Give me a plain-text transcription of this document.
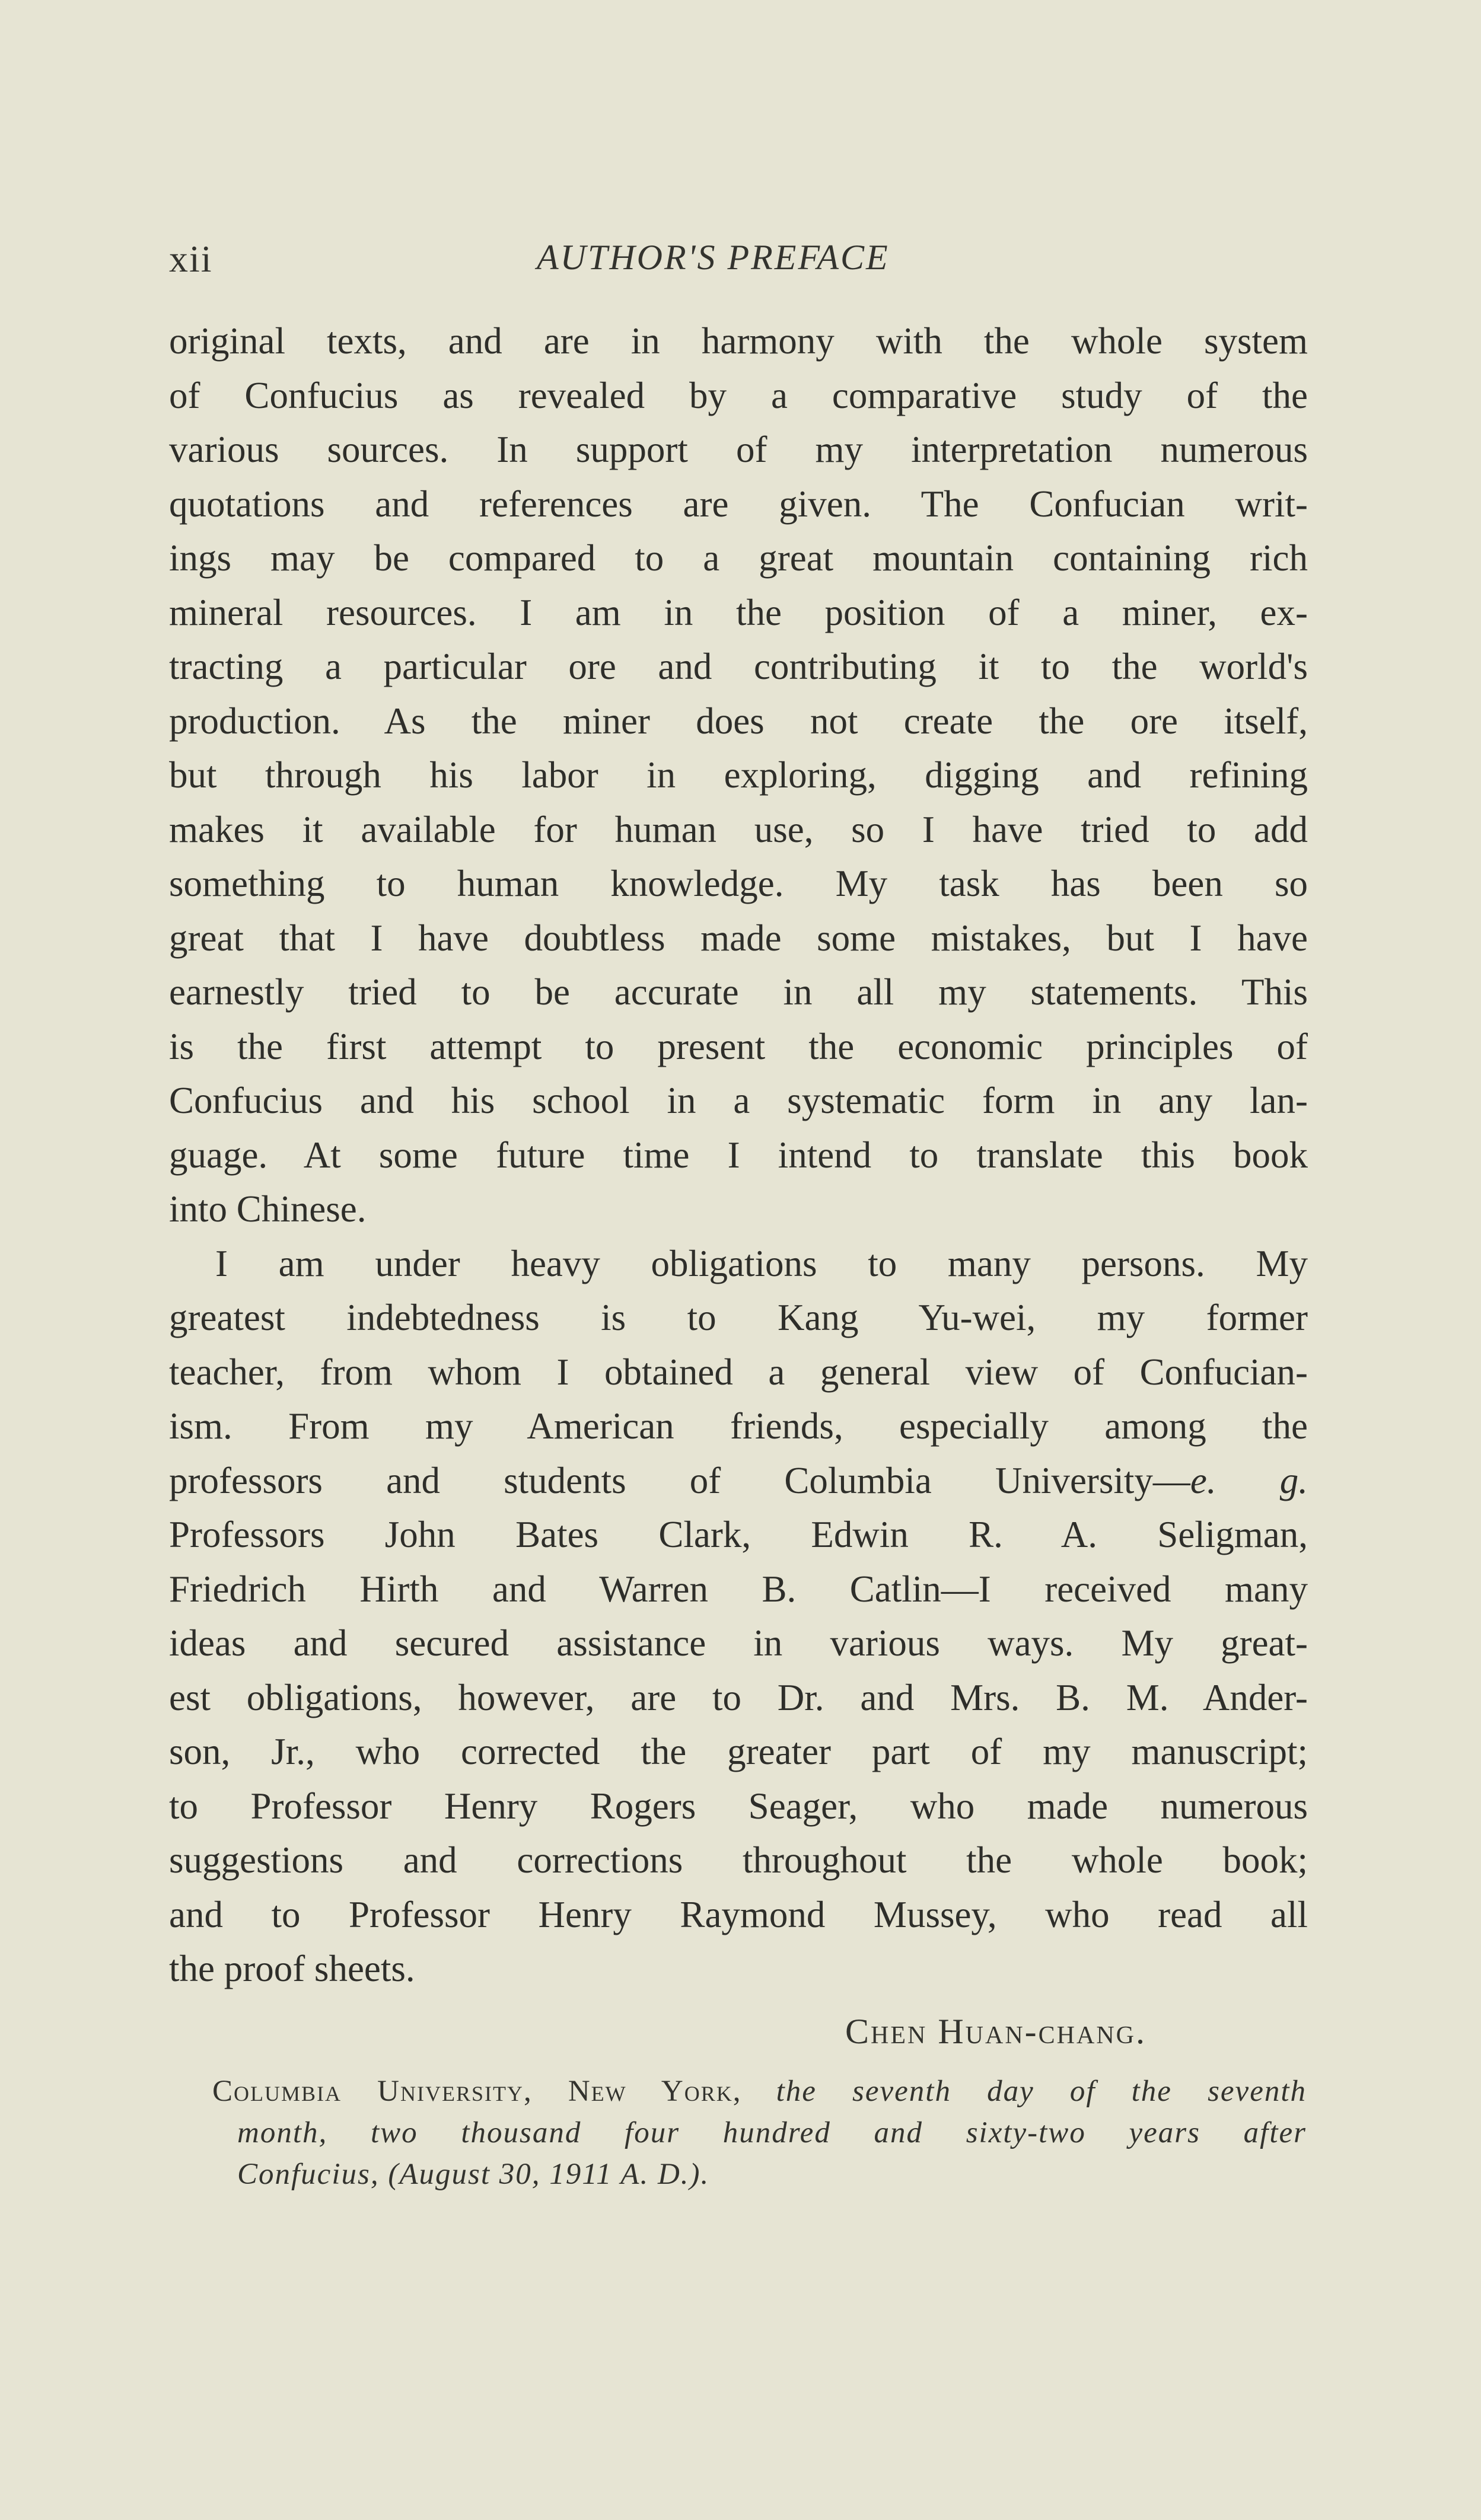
xii	AUTHOR'S PREFACE
original texts, and are in harmony with the whole system
of Confucius as revealed by a comparative study of the
various sources. In support of my interpretation numerous
quotations and references are given. The Confucian writ-
ings may be compared to a great mountain containing rich
mineral resources. I am in the position of a miner, ex-
tracting a particular ore and contributing it to the world's
production. As the miner does not create the ore itself,
but through his labor in exploring, digging and refining
makes it available for human use, so I have tried to add
something to human knowledge. My task has been so
great that I have doubtless made some mistakes, but I have
earnestly tried to be accurate in all my statements. This
is the first attempt to present the economic principles of
Confucius and his school in a systematic form in any lan-
guage. At some future time I intend to translate this book
into Chinese.
I am under heavy obligations to many persons. My
greatest indebtedness is to Kang Yu-wei, my former
teacher, from whom I obtained a general view of Confucian-
ism. From my American friends, especially among the
professors and students of Columbia University—e. g.
Professors John Bates Clark, Edwin R. A. Seligman,
Friedrich Hirth and Warren B. Catlin—I received many
ideas and secured assistance in various ways. My great-
est obligations, however, are to Dr. and Mrs. B. M. Ander-
son, Jr., who corrected the greater part of my manuscript;
to Professor Henry Rogers Seager, who made numerous
suggestions and corrections throughout the whole book;
and to Professor Henry Raymond Mussey, who read all
the proof sheets.
Chen Huan-chang.
Columbia University, New York, the seventh day of the seventh
month, two thousand four hundred and sixty-two years after
Confucius, (August 30, 1911 A. D.).
